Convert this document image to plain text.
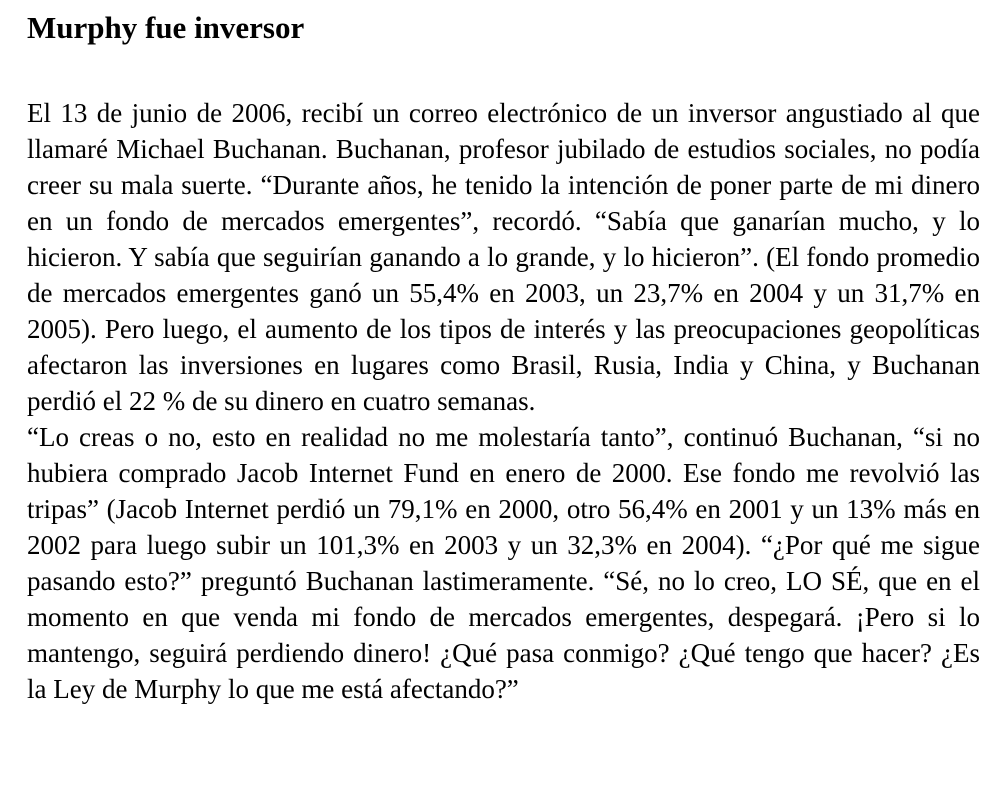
Murphy fue inversor

El 13 de junio de 2006, recibí un correo electrónico de un inversor angustiado al que llamaré Michael Buchanan. Buchanan, profesor jubilado de estudios sociales, no podía creer su mala suerte. “Durante años, he tenido la intención de poner parte de mi dinero en un fondo de mercados emergentes”, recordó. “Sabía que ganarían mucho, y lo hicieron. Y sabía que seguirían ganando a lo grande, y lo hicieron”. (El fondo promedio de mercados emergentes ganó un 55,4% en 2003, un 23,7% en 2004 y un 31,7% en 2005). Pero luego, el aumento de los tipos de interés y las preocupaciones geopolíticas afectaron las inversiones en lugares como Brasil, Rusia, India y China, y Buchanan perdió el 22 % de su dinero en cuatro semanas.

“Lo creas o no, esto en realidad no me molestaría tanto”, continuó Buchanan, “si no hubiera comprado Jacob Internet Fund en enero de 2000. Ese fondo me revolvió las tripas” (Jacob Internet perdió un 79,1% en 2000, otro 56,4% en 2001 y un 13% más en 2002 para luego subir un 101,3% en 2003 y un 32,3% en 2004). “¿Por qué me sigue pasando esto?” preguntó Buchanan lastimeramente. “Sé, no lo creo, LO SÉ, que en el momento en que venda mi fondo de mercados emergentes, despegará. ¡Pero si lo mantengo, seguirá perdiendo dinero! ¿Qué pasa conmigo? ¿Qué tengo que hacer? ¿Es la Ley de Murphy lo que me está afectando?”
